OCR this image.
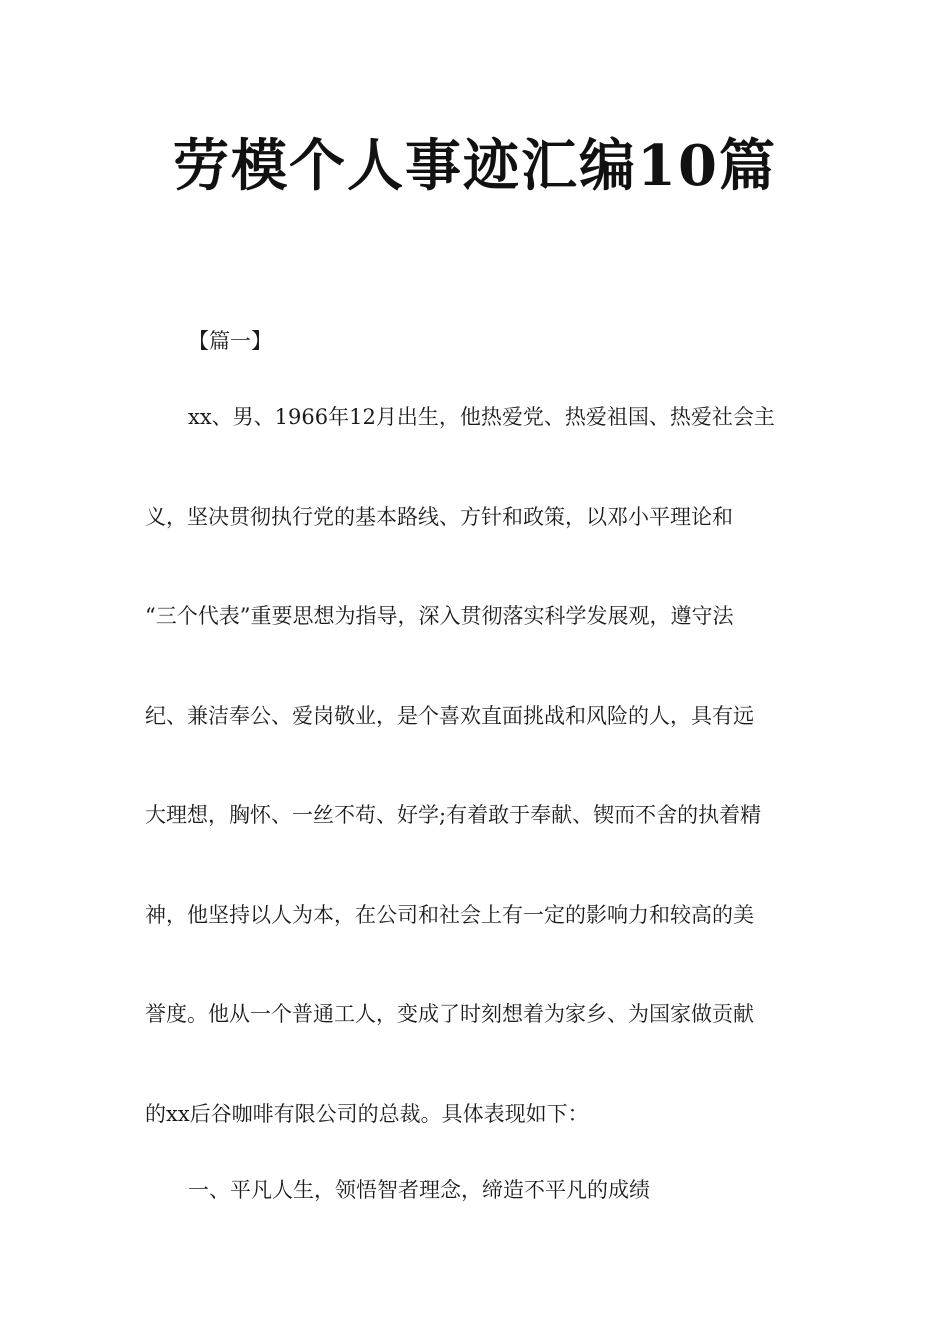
劳模个人事迹汇编10篇

【篇一】

xx、男、1966年12月出生，他热爱党、热爱祖国、热爱社会主

义，坚决贯彻执行党的基本路线、方针和政策，以邓小平理论和

“三个代表”重要思想为指导，深入贯彻落实科学发展观，遵守法

纪、兼洁奉公、爱岗敬业，是个喜欢直面挑战和风险的人，具有远

大理想，胸怀、一丝不苟、好学;有着敢于奉献、锲而不舍的执着精

神，他坚持以人为本，在公司和社会上有一定的影响力和较高的美

誉度。他从一个普通工人，变成了时刻想着为家乡、为国家做贡献

的xx后谷咖啡有限公司的总裁。具体表现如下：

一、平凡人生，领悟智者理念，缔造不平凡的成绩
